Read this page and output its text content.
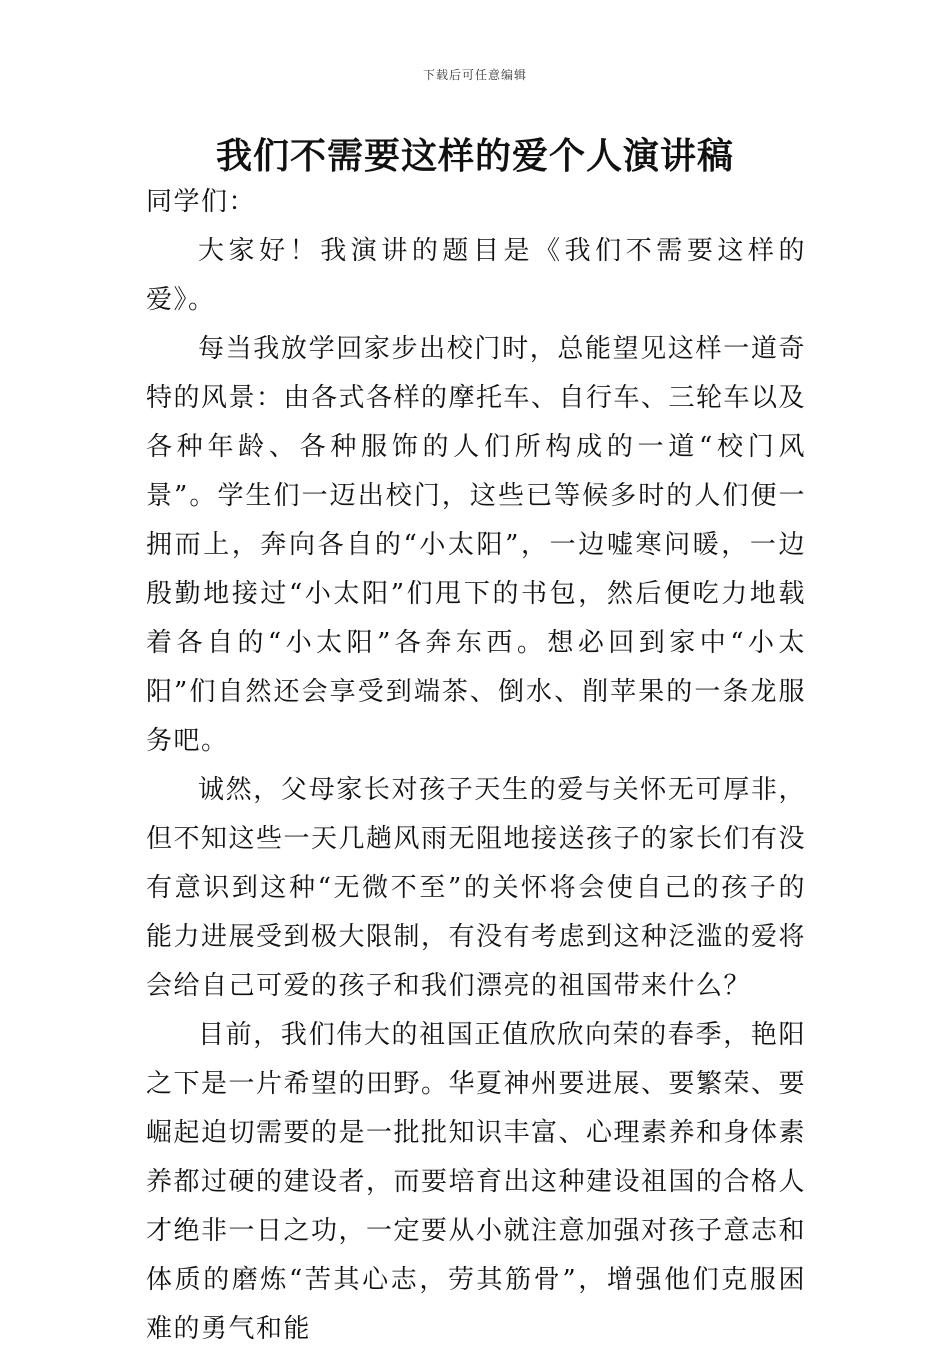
下载后可任意编辑
我们不需要这样的爱个人演讲稿

同学们：

大家好！我演讲的题目是《我们不需要这样的爱》。

每当我放学回家步出校门时，总能望见这样一道奇特的风景：由各式各样的摩托车、自行车、三轮车以及各种年龄、各种服饰的人们所构成的一道“校门风景”。学生们一迈出校门，这些已等候多时的人们便一拥而上，奔向各自的“小太阳”，一边嘘寒问暖，一边殷勤地接过“小太阳”们甩下的书包，然后便吃力地载着各自的“小太阳”各奔东西。想必回到家中“小太阳”们自然还会享受到端茶、倒水、削苹果的一条龙服务吧。

诚然，父母家长对孩子天生的爱与关怀无可厚非，但不知这些一天几趟风雨无阻地接送孩子的家长们有没有意识到这种“无微不至”的关怀将会使自己的孩子的能力进展受到极大限制，有没有考虑到这种泛滥的爱将会给自己可爱的孩子和我们漂亮的祖国带来什么？

目前，我们伟大的祖国正值欣欣向荣的春季，艳阳之下是一片希望的田野。华夏神州要进展、要繁荣、要崛起迫切需要的是一批批知识丰富、心理素养和身体素养都过硬的建设者，而要培育出这种建设祖国的合格人才绝非一日之功，一定要从小就注意加强对孩子意志和体质的磨炼“苦其心志，劳其筋骨”，增强他们克服困难的勇气和能
